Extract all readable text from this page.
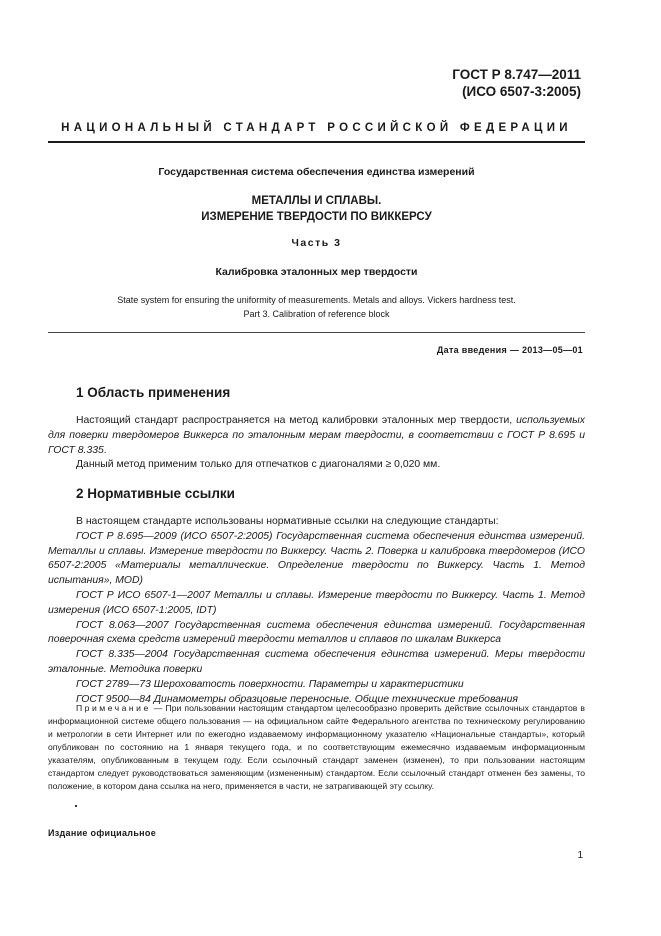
ГОСТ Р 8.747—2011
(ИСО 6507-3:2005)
НАЦИОНАЛЬНЫЙ СТАНДАРТ РОССИЙСКОЙ ФЕДЕРАЦИИ
Государственная система обеспечения единства измерений
МЕТАЛЛЫ И СПЛАВЫ.
ИЗМЕРЕНИЕ ТВЕРДОСТИ ПО ВИККЕРСУ
Часть 3
Калибровка эталонных мер твердости
State system for ensuring the uniformity of measurements. Metals and alloys. Vickers hardness test.
Part 3. Calibration of reference block
Дата введения — 2013—05—01
1 Область применения

Настоящий стандарт распространяется на метод калибровки эталонных мер твердости, используемых для поверки твердомеров Виккерса по эталонным мерам твердости, в соответствии с ГОСТ Р 8.695 и ГОСТ 8.335.

Данный метод применим только для отпечатков с диагоналями ≥ 0,020 мм.

2 Нормативные ссылки

В настоящем стандарте использованы нормативные ссылки на следующие стандарты:

ГОСТ Р 8.695—2009 (ИСО 6507-2:2005) Государственная система обеспечения единства измерений. Металлы и сплавы. Измерение твердости по Виккерсу. Часть 2. Поверка и калибровка твердомеров (ИСО 6507-2:2005 «Материалы металлические. Определение твердости по Виккерсу. Часть 1. Метод испытания», MOD)

ГОСТ Р ИСО 6507-1—2007 Металлы и сплавы. Измерение твердости по Виккерсу. Часть 1. Метод измерения (ИСО 6507-1:2005, IDT)

ГОСТ 8.063—2007 Государственная система обеспечения единства измерений. Государственная поверочная схема средств измерений твердости металлов и сплавов по шкалам Виккерса

ГОСТ 8.335—2004 Государственная система обеспечения единства измерений. Меры твердости эталонные. Методика поверки

ГОСТ 2789—73 Шероховатость поверхности. Параметры и характеристики

ГОСТ 9500—84 Динамометры образцовые переносные. Общие технические требования

Примечание — При пользовании настоящим стандартом целесообразно проверить действие ссылочных стандартов в информационной системе общего пользования — на официальном сайте Федерального агентства по техническому регулированию и метрологии в сети Интернет или по ежегодно издаваемому информационному указателю «Национальные стандарты», который опубликован по состоянию на 1 января текущего года, и по соответствующим ежемесячно издаваемым информационным указателям, опубликованным в текущем году. Если ссылочный стандарт заменен (изменен), то при пользовании настоящим стандартом следует руководствоваться заменяющим (измененным) стандартом. Если ссылочный стандарт отменен без замены, то положение, в котором дана ссылка на него, применяется в части, не затрагивающей эту ссылку.

Издание официальное
1
